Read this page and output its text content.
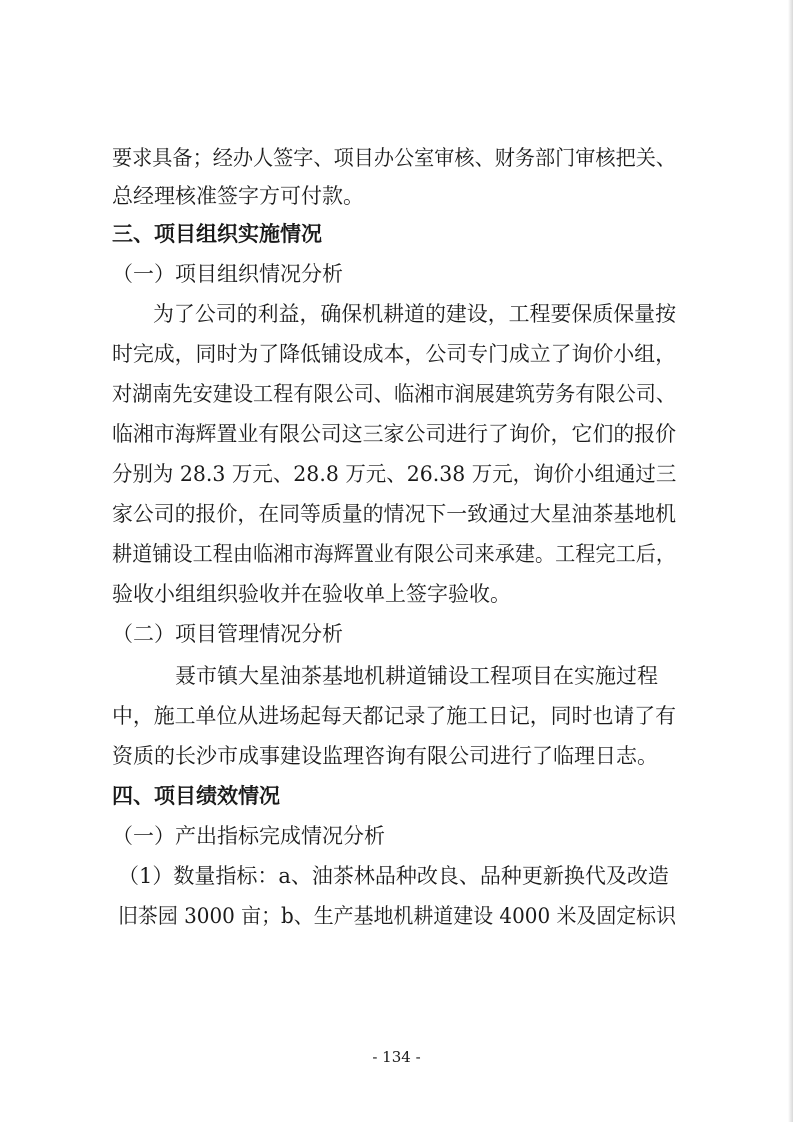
要求具备；经办人签字、项目办公室审核、财务部门审核把关、
总经理核准签字方可付款。
三、项目组织实施情况
（一）项目组织情况分析
为了公司的利益，确保机耕道的建设，工程要保质保量按
时完成，同时为了降低铺设成本，公司专门成立了询价小组，
对湖南先安建设工程有限公司、临湘市润展建筑劳务有限公司、
临湘市海辉置业有限公司这三家公司进行了询价，它们的报价
分别为 28.3 万元、28.8 万元、26.38 万元，询价小组通过三
家公司的报价，在同等质量的情况下一致通过大星油茶基地机
耕道铺设工程由临湘市海辉置业有限公司来承建。工程完工后，
验收小组组织验收并在验收单上签字验收。
（二）项目管理情况分析
聂市镇大星油茶基地机耕道铺设工程项目在实施过程
中，施工单位从进场起每天都记录了施工日记，同时也请了有
资质的长沙市成事建设监理咨询有限公司进行了临理日志。
四、项目绩效情况
（一）产出指标完成情况分析
（1）数量指标：a、油茶林品种改良、品种更新换代及改造
旧茶园 3000 亩；b、生产基地机耕道建设 4000 米及固定标识
- 134 -
